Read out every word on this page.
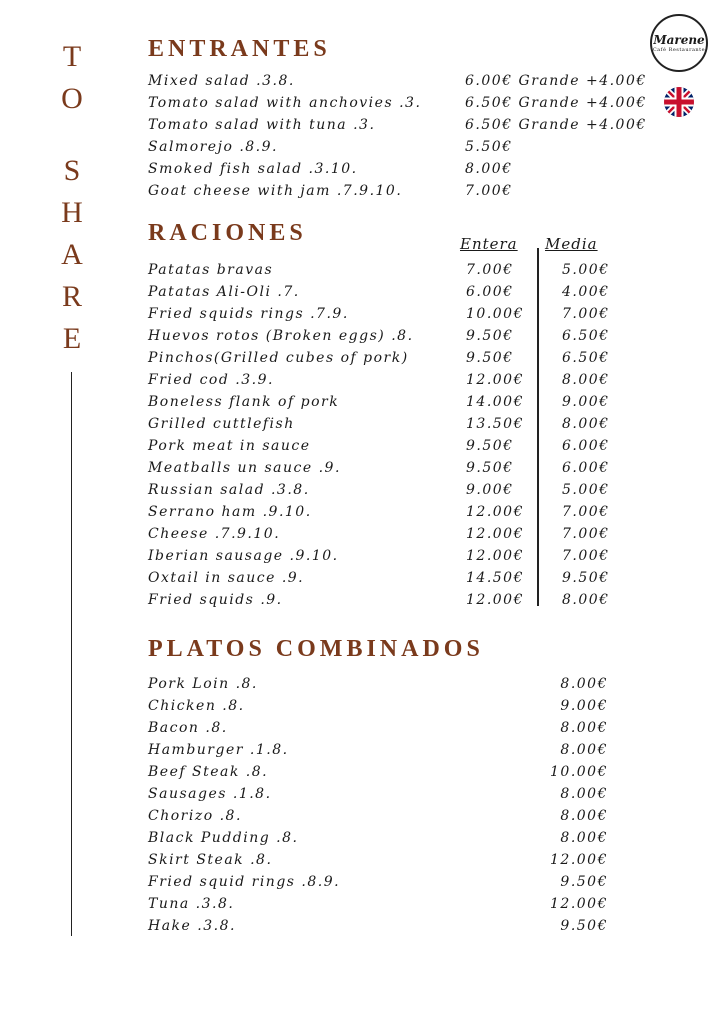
T
O
S
H
A
R
E
Marene
Café Restaurante
ENTRANTES
Mixed salad .3.8.	6.00€ Grande +4.00€
Tomato salad with anchovies .3.	6.50€ Grande +4.00€
Tomato salad with tuna .3.	6.50€ Grande +4.00€
Salmorejo .8.9.	5.50€
Smoked fish salad .3.10.	8.00€
Goat cheese with jam .7.9.10.	7.00€
RACIONES	Entera Media
Patatas bravas	7.00€	5.00€
Patatas Ali-Oli .7.	6.00€	4.00€
Fried squids rings .7.9.	10.00€	7.00€
Huevos rotos (Broken eggs) .8.	9.50€	6.50€
Pinchos(Grilled cubes of pork)	9.50€	6.50€
Fried cod .3.9.	12.00€	8.00€
Boneless flank of pork	14.00€	9.00€
Grilled cuttlefish	13.50€	8.00€
Pork meat in sauce	9.50€	6.00€
Meatballs un sauce .9.	9.50€	6.00€
Russian salad .3.8.	9.00€	5.00€
Serrano ham .9.10.	12.00€	7.00€
Cheese .7.9.10.	12.00€	7.00€
Iberian sausage .9.10.	12.00€	7.00€
Oxtail in sauce .9.	14.50€	9.50€
Fried squids .9.	12.00€	8.00€
PLATOS COMBINADOS
Pork Loin .8.	8.00€
Chicken .8.	9.00€
Bacon .8.	8.00€
Hamburger .1.8.	8.00€
Beef Steak .8.	10.00€
Sausages .1.8.	8.00€
Chorizo .8.	8.00€
Black Pudding .8.	8.00€
Skirt Steak .8.	12.00€
Fried squid rings .8.9.	9.50€
Tuna .3.8.	12.00€
Hake .3.8.	9.50€
